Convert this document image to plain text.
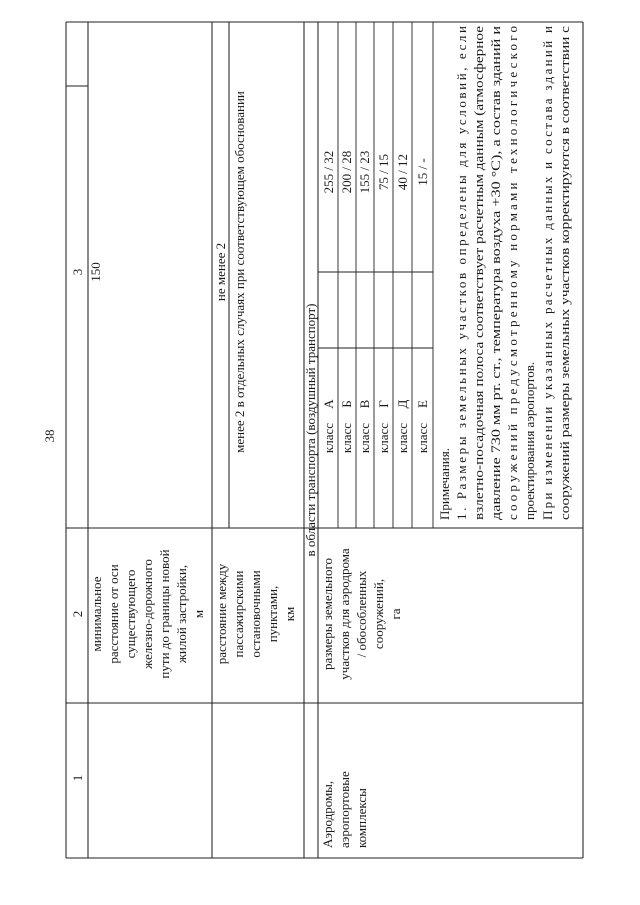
38
1
2
3
минимальное расстояние от оси существующего железно-дорожного пути до границы новой жилой застройки, м
150
расстояние между пассажирскими остановочными пунктами, км
не менее 2 менее 2 в отдельных случаях при соответствующем обосновании	в области транспорта (воздушный транспорт)
Аэродромы, аэропортовые комплексы
размеры земельного участков для аэродрома / обособленных сооружений, га
класс
А
255 / 32
класс
Б
200 / 28
класс
В
155 / 23
класс
Г
75 / 15
класс
Д
40 / 12
класс
Е
15 / -
Примечания. 1. Размеры земельных участков определены для условий, если
взлетно-посадочная полоса соответствует расчетным данным (атмосферное давление 730 мм рт. ст., температура воздуха +30 °С), а состав зданий и сооружений предусмотренному нормами технологического
проектирования аэропортов. При изменении указанных расчетных данных и состава зданий и
сооружений размеры земельных участков корректируются в соответствии с
